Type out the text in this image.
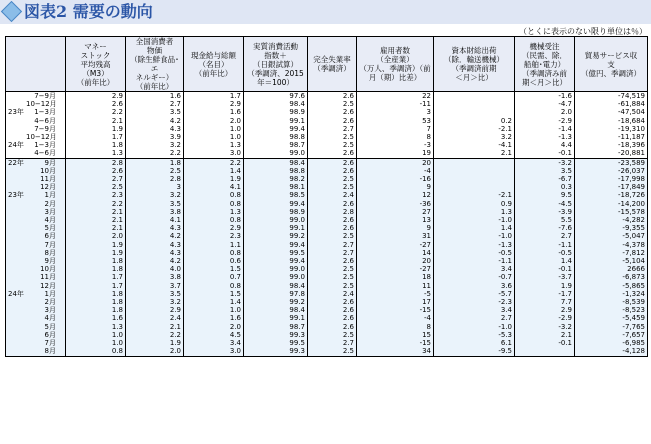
図表2 需要の動向
（とくに表示のない限り単位は％）
	マネー
ストック
平均残高
（M3）
（前年比）	全国消費者
物価
（除生鮮食品･エ
ネルギー）
（前年比）	現金給与総額
（名目）
（前年比）	実質消費活動
指数＋
（日銀試算）
（季調済、2015
年＝100）	完全失業率
（季調済）	雇用者数
（全産業）
（万人、季調済）（前
月（期）比差）	資本財総出荷
（除．輸送機械）
（季調済前期
＜月＞比）	機械受注
（民需、除．
船舶･電力）
（季調済み前
期＜月＞比）	貿易サービス収
支
（億円、季調済）
7−9月	2.9	1.6	1.7	97.6	2.6	22		-1.6	-74,519
10−12月	2.6	2.7	2.9	98.4	2.5	-11		-4.7	-61,884
23年 1−3月	2.2	3.5	1.6	98.9	2.6	3		2.0	-47,504
4−6月	2.1	4.2	2.0	99.1	2.6	53	0.2	-2.9	-18,684
7−9月	1.9	4.3	1.0	99.4	2.7	7	-2.1	-1.4	-19,310
10−12月	1.7	3.9	1.0	98.8	2.5	8	3.2	-1.3	-11,187
24年 1−3月	1.8	3.2	1.3	98.7	2.5	-3	-4.1	4.4	-18,396
4−6月	1.3	2.2	3.0	99.0	2.6	19	2.1	-0.1	-20,881
22年 9月	2.8	1.8	2.2	98.4	2.6	20		-3.2	-23,589
10月	2.6	2.5	1.4	98.8	2.6	-4		3.5	-26,037
11月	2.7	2.8	1.9	98.2	2.5	-16		-6.7	-17,998
12月	2.5	3	4.1	98.1	2.5	9		0.3	-17,849
23年 1月	2.3	3.2	0.8	98.5	2.4	12	-2.1	9.5	-18,726
2月	2.2	3.5	0.8	99.4	2.6	-36	0.9	-4.5	-14,200
3月	2.1	3.8	1.3	98.9	2.8	27	1.3	-3.9	-15,578
4月	2.1	4.1	0.8	99.0	2.6	13	-1.0	5.5	-4,282
5月	2.1	4.3	2.9	99.1	2.6	9	1.4	-7.6	-9,355
6月	2.0	4.2	2.3	99.2	2.5	31	-1.0	2.7	-5,047
7月	1.9	4.3	1.1	99.4	2.7	-27	-1.3	-1.1	-4,378
8月	1.9	4.3	0.8	99.5	2.7	14	-0.5	-0.5	-7,812
9月	1.8	4.2	0.6	99.4	2.6	20	-1.1	1.4	-5,104
10月	1.8	4.0	1.5	99.0	2.5	-27	3.4	-0.1	2666
11月	1.7	3.8	0.7	99.0	2.5	18	-0.7	-3.7	-6,873
12月	1.7	3.7	0.8	98.4	2.5	11	3.6	1.9	-5,865
24年 1月	1.8	3.5	1.5	97.8	2.4	-5	-5.7	-1.7	-1,324
2月	1.8	3.2	1.4	99.2	2.6	17	-2.3	7.7	-8,539
3月	1.8	2.9	1.0	98.4	2.6	-15	3.4	2.9	-8,523
4月	1.6	2.4	1.6	99.1	2.6	-4	2.7	-2.9	-5,459
5月	1.3	2.1	2.0	98.7	2.6	8	-1.0	-3.2	-7,765
6月	1.0	2.2	4.5	99.3	2.5	15	-5.3	2.1	-7,657
7月	1.0	1.9	3.4	99.5	2.7	-15	6.1	-0.1	-6,985
8月	0.8	2.0	3.0	99.3	2.5	34	-9.5		-4,128
